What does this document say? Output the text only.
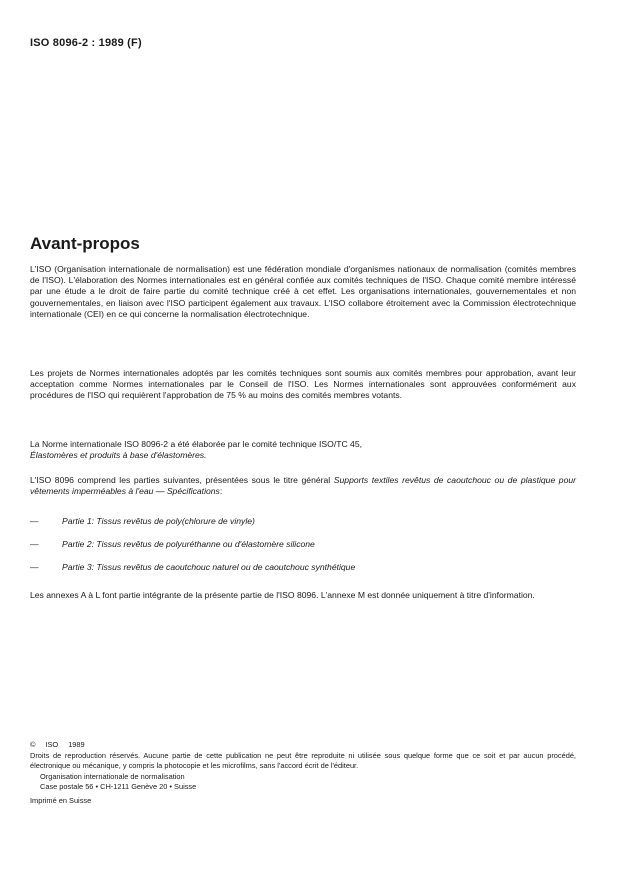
ISO 8096-2 : 1989 (F)
Avant-propos
L'ISO (Organisation internationale de normalisation) est une fédération mondiale d'organismes nationaux de normalisation (comités membres de l'ISO). L'élaboration des Normes internationales est en général confiée aux comités techniques de l'ISO. Chaque comité membre intéressé par une étude a le droit de faire partie du comité technique créé à cet effet. Les organisations internationales, gouvernementales et non gouvernementales, en liaison avec l'ISO participent également aux travaux. L'ISO collabore étroitement avec la Commission électrotechnique internationale (CEI) en ce qui concerne la normalisation électrotechnique.
Les projets de Normes internationales adoptés par les comités techniques sont soumis aux comités membres pour approbation, avant leur acceptation comme Normes internationales par le Conseil de l'ISO. Les Normes internationales sont approuvées conformément aux procédures de l'ISO qui requièrent l'approbation de 75 % au moins des comités membres votants.
La Norme internationale ISO 8096-2 a été élaborée par le comité technique ISO/TC 45,
Élastomères et produits à base d'élastomères.
L'ISO 8096 comprend les parties suivantes, présentées sous le titre général Supports textiles revêtus de caoutchouc ou de plastique pour vêtements imperméables à l'eau — Spécifications:
—	Partie 1: Tissus revêtus de poly(chlorure de vinyle)
—	Partie 2: Tissus revêtus de polyuréthanne ou d'élastomère silicone
—	Partie 3: Tissus revêtus de caoutchouc naturel ou de caoutchouc synthétique
Les annexes A à L font partie intégrante de la présente partie de l'ISO 8096. L'annexe M est donnée uniquement à titre d'information.
© ISO 1989
Droits de reproduction réservés. Aucune partie de cette publication ne peut être reproduite ni utilisée sous quelque forme que ce soit et par aucun procédé, électronique ou mécanique, y compris la photocopie et les microfilms, sans l'accord écrit de l'éditeur.
Organisation internationale de normalisation
Case postale 56 • CH-1211 Genève 20 • Suisse
Imprimé en Suisse
